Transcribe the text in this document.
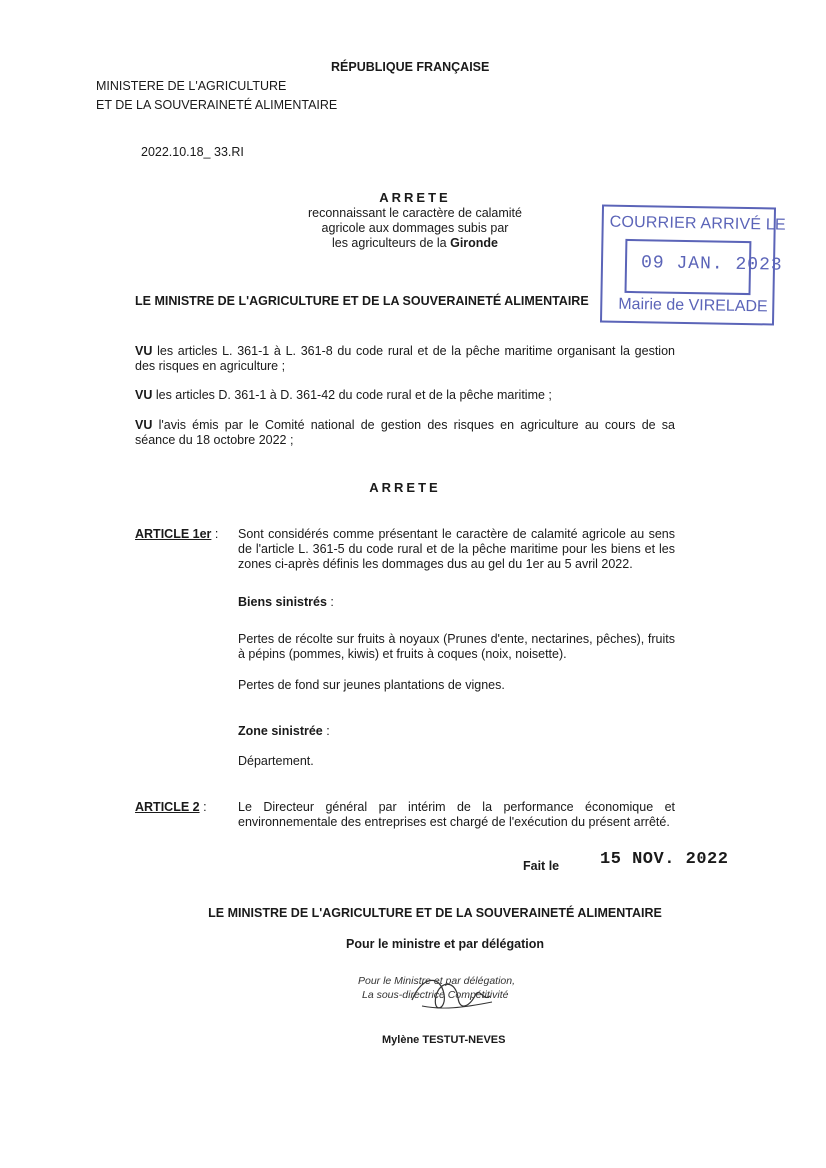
RÉPUBLIQUE FRANÇAISE
MINISTERE DE L'AGRICULTURE
ET DE LA SOUVERAINETÉ ALIMENTAIRE
2022.10.18_ 33.RI
ARRETE
reconnaissant le caractère de calamité
agricole aux dommages subis par
les agriculteurs de la Gironde
COURRIER ARRIVÉ LE
09 JAN. 2023
Mairie de VIRELADE
LE MINISTRE DE L'AGRICULTURE ET DE LA SOUVERAINETÉ ALIMENTAIRE
VU les articles L. 361-1 à L. 361-8 du code rural et de la pêche maritime organisant la gestion des risques en agriculture ;
VU les articles D. 361-1 à D. 361-42 du code rural et de la pêche maritime ;
VU l'avis émis par le Comité national de gestion des risques en agriculture au cours de sa séance du 18 octobre 2022 ;
ARRETE
ARTICLE 1er : Sont considérés comme présentant le caractère de calamité agricole au sens de l'article L. 361-5 du code rural et de la pêche maritime pour les biens et les zones ci-après définis les dommages dus au gel du 1er au 5 avril 2022.
Biens sinistrés :
Pertes de récolte sur fruits à noyaux (Prunes d'ente, nectarines, pêches), fruits à pépins (pommes, kiwis) et fruits à coques (noix, noisette).
Pertes de fond sur jeunes plantations de vignes.
Zone sinistrée :
Département.
ARTICLE 2 :	Le Directeur général par intérim de la performance économique et environnementale des entreprises est chargé de l'exécution du présent arrêté.
Fait le 15 NOV. 2022
LE MINISTRE DE L'AGRICULTURE ET DE LA SOUVERAINETÉ ALIMENTAIRE
Pour le ministre et par délégation
Pour le Ministre et par délégation,
La sous-directrice Compétitivité
Mylène TESTUT-NEVES
